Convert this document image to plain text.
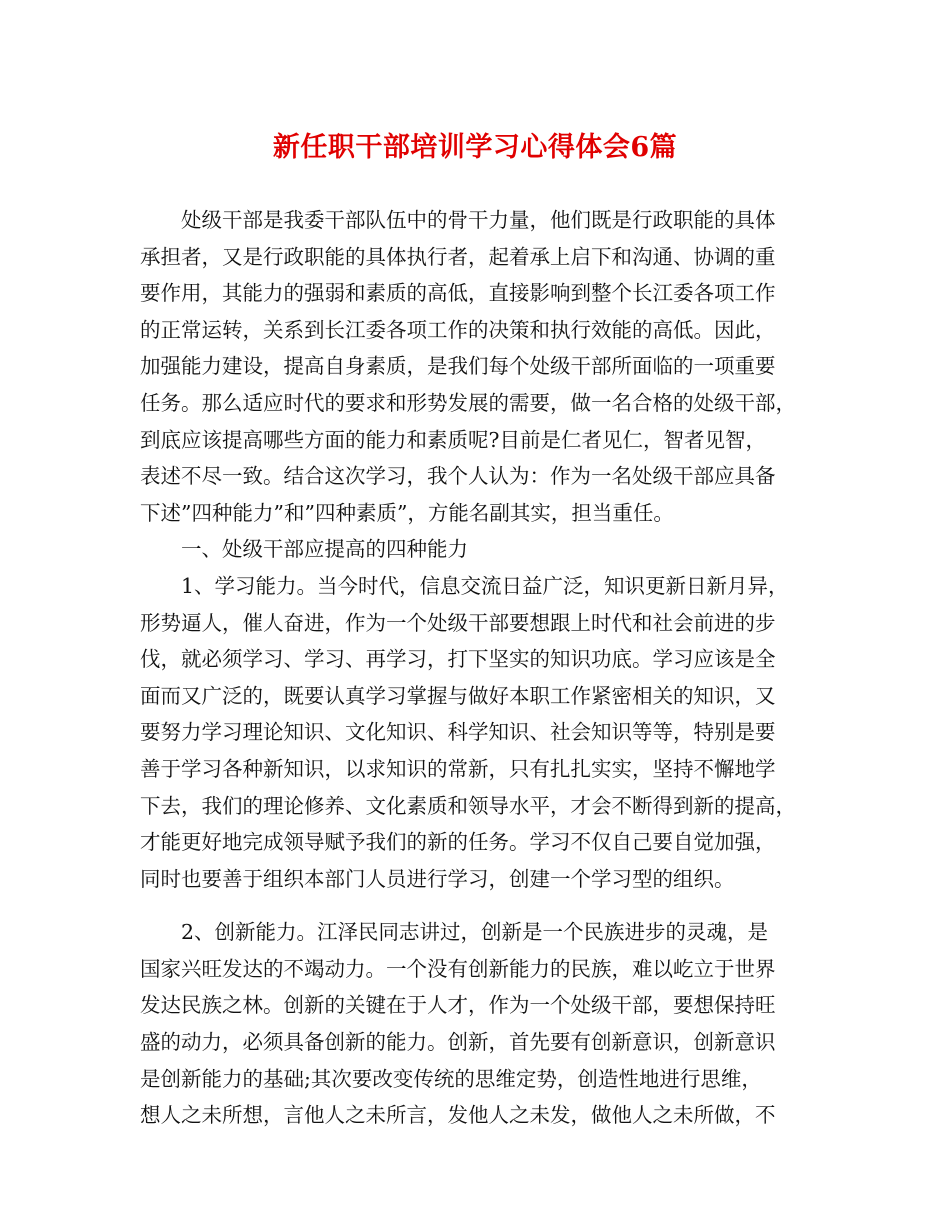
新任职干部培训学习心得体会6篇
处级干部是我委干部队伍中的骨干力量，他们既是行政职能的具体
承担者，又是行政职能的具体执行者，起着承上启下和沟通、协调的重
要作用，其能力的强弱和素质的高低，直接影响到整个长江委各项工作
的正常运转，关系到长江委各项工作的决策和执行效能的高低。因此，
加强能力建设，提高自身素质，是我们每个处级干部所面临的一项重要
任务。那么适应时代的要求和形势发展的需要，做一名合格的处级干部，
到底应该提高哪些方面的能力和素质呢?目前是仁者见仁，智者见智，
表述不尽一致。结合这次学习，我个人认为：作为一名处级干部应具备
下述”四种能力”和”四种素质”，方能名副其实，担当重任。
一、处级干部应提高的四种能力
1、学习能力。当今时代，信息交流日益广泛，知识更新日新月异，
形势逼人，催人奋进，作为一个处级干部要想跟上时代和社会前进的步
伐，就必须学习、学习、再学习，打下坚实的知识功底。学习应该是全
面而又广泛的，既要认真学习掌握与做好本职工作紧密相关的知识，又
要努力学习理论知识、文化知识、科学知识、社会知识等等，特别是要
善于学习各种新知识，以求知识的常新，只有扎扎实实，坚持不懈地学
下去，我们的理论修养、文化素质和领导水平，才会不断得到新的提高，
才能更好地完成领导赋予我们的新的任务。学习不仅自己要自觉加强，
同时也要善于组织本部门人员进行学习，创建一个学习型的组织。
2、创新能力。江泽民同志讲过，创新是一个民族进步的灵魂，是
国家兴旺发达的不竭动力。一个没有创新能力的民族，难以屹立于世界
发达民族之林。创新的关键在于人才，作为一个处级干部，要想保持旺
盛的动力，必须具备创新的能力。创新，首先要有创新意识，创新意识
是创新能力的基础;其次要改变传统的思维定势，创造性地进行思维，
想人之未所想，言他人之未所言，发他人之未发，做他人之未所做，不
